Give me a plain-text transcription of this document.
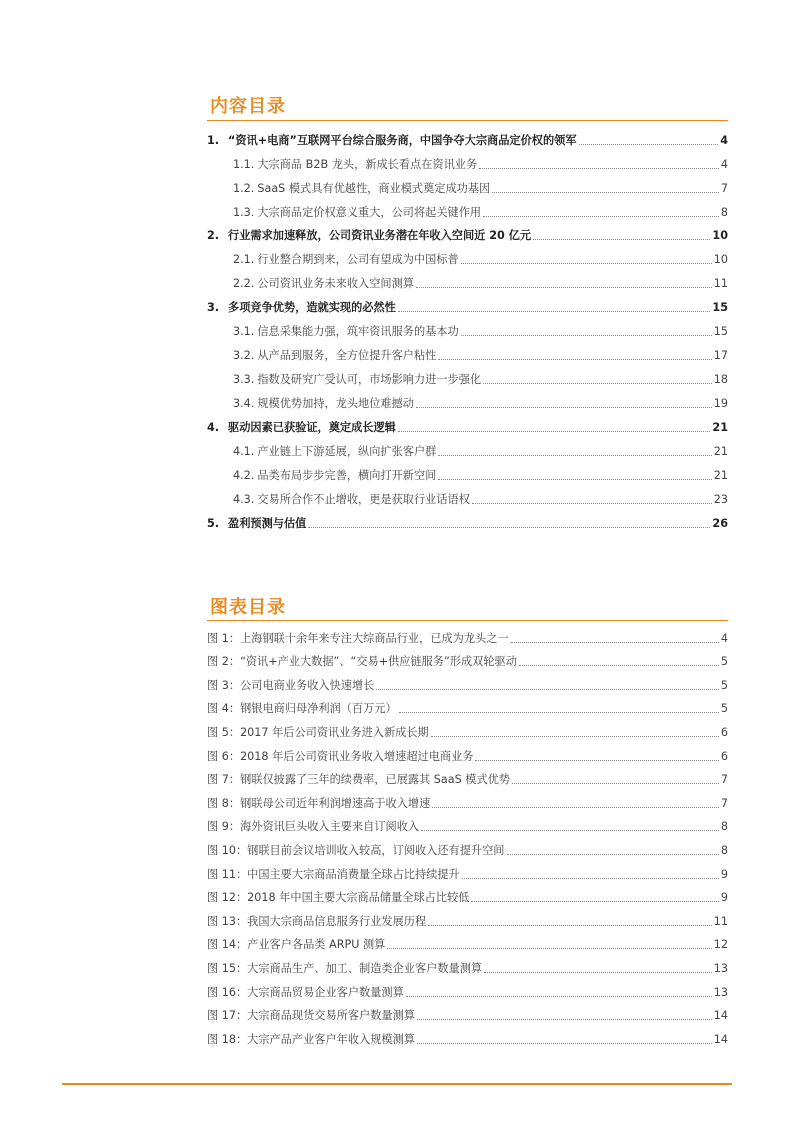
内容目录
1. “资讯+电商”互联网平台综合服务商，中国争夺大宗商品定价权的领军	4
1.1. 大宗商品 B2B 龙头，新成长看点在资讯业务	4
1.2. SaaS 模式具有优越性，商业模式奠定成功基因	7
1.3. 大宗商品定价权意义重大，公司将起关键作用	8
2. 行业需求加速释放，公司资讯业务潜在年收入空间近 20 亿元	10
2.1. 行业整合期到来，公司有望成为中国标普	10
2.2. 公司资讯业务未来收入空间测算	11
3. 多项竞争优势，造就实现的必然性	15
3.1. 信息采集能力强，筑牢资讯服务的基本功	15
3.2. 从产品到服务，全方位提升客户粘性	17
3.3. 指数及研究广受认可，市场影响力进一步强化	18
3.4. 规模优势加持，龙头地位难撼动	19
4. 驱动因素已获验证，奠定成长逻辑	21
4.1. 产业链上下游延展，纵向扩张客户群	21
4.2. 品类布局步步完善，横向打开新空间	21
4.3. 交易所合作不止增收，更是获取行业话语权	23
5. 盈利预测与估值	26
图表目录
图 1： 上海钢联十余年来专注大综商品行业，已成为龙头之一	4
图 2： “资讯+产业大数据”、“交易+供应链服务”形成双轮驱动	5
图 3： 公司电商业务收入快速增长	5
图 4： 钢银电商归母净利润（百万元）	5
图 5： 2017 年后公司资讯业务进入新成长期	6
图 6： 2018 年后公司资讯业务收入增速超过电商业务	6
图 7： 钢联仅披露了三年的续费率，已展露其 SaaS 模式优势	7
图 8： 钢联母公司近年利润增速高于收入增速	7
图 9： 海外资讯巨头收入主要来自订阅收入	8
图 10： 钢联目前会议培训收入较高，订阅收入还有提升空间	8
图 11： 中国主要大宗商品消费量全球占比持续提升	9
图 12： 2018 年中国主要大宗商品储量全球占比较低	9
图 13： 我国大宗商品信息服务行业发展历程	11
图 14： 产业客户各品类 ARPU 测算	12
图 15： 大宗商品生产、加工、制造类企业客户数量测算	13
图 16： 大宗商品贸易企业客户数量测算	13
图 17： 大宗商品现货交易所客户数量测算	14
图 18： 大宗产品产业客户年收入规模测算	14
